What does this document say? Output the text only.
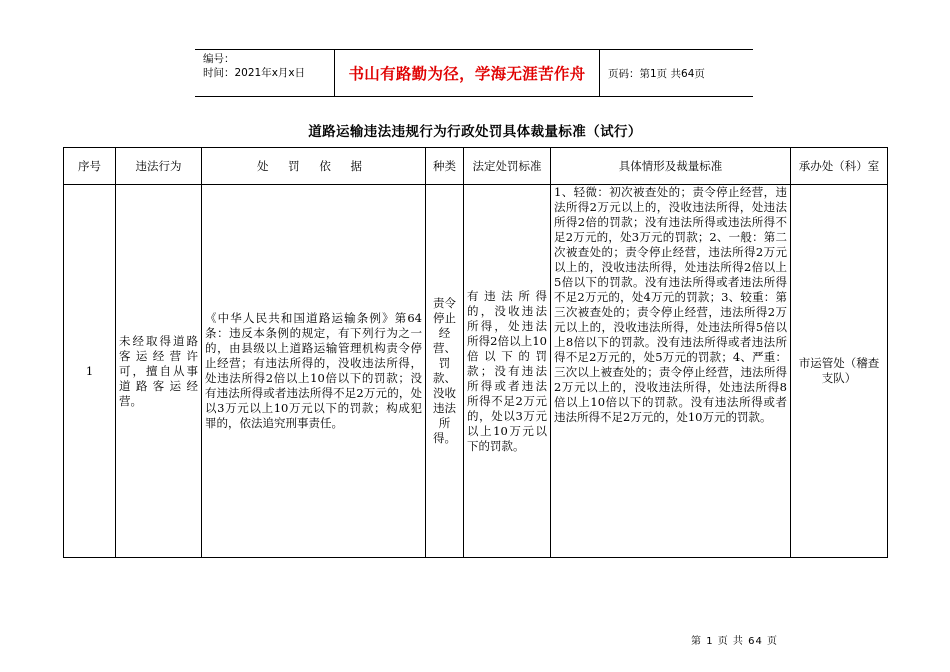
编号：
时间：2021年x月x日	书山有路勤为径，学海无涯苦作舟	页码：第1页 共64页
道路运输违法违规行为行政处罚具体裁量标准（试行）
序号	违法行为	处 罚 依 据	种类	法定处罚标准	具体情形及裁量标准	承办处（科）室
1	未经取得道路客运经营许可，擅自从事道路客运经营。	《中华人民共和国道路运输条例》第64条：违反本条例的规定，有下列行为之一的，由县级以上道路运输管理机构责令停止经营；有违法所得的，没收违法所得，处违法所得2倍以上10倍以下的罚款；没有违法所得或者违法所得不足2万元的，处以3万元以上10万元以下的罚款；构成犯罪的，依法追究刑事责任。	责令停止经营、罚款、没收违法所得。	有违法所得的，没收违法所得，处违法所得2倍以上10倍以下的罚款；没有违法所得或者违法所得不足2万元的，处以3万元以上10万元以下的罚款。	1、轻微：初次被查处的；责令停止经营，违法所得2万元以上的，没收违法所得，处违法所得2倍的罚款；没有违法所得或违法所得不足2万元的，处3万元的罚款；2、一般：第二次被查处的；责令停止经营，违法所得2万元以上的，没收违法所得，处违法所得2倍以上5倍以下的罚款。没有违法所得或者违法所得不足2万元的，处4万元的罚款；3、较重：第三次被查处的；责令停止经营，违法所得2万元以上的，没收违法所得，处违法所得5倍以上8倍以下的罚款。没有违法所得或者违法所得不足2万元的，处5万元的罚款；4、严重：三次以上被查处的；责令停止经营，违法所得2万元以上的，没收违法所得，处违法所得8倍以上10倍以下的罚款。没有违法所得或者违法所得不足2万元的，处10万元的罚款。	市运管处（稽查支队）
第 1 页 共 64 页
